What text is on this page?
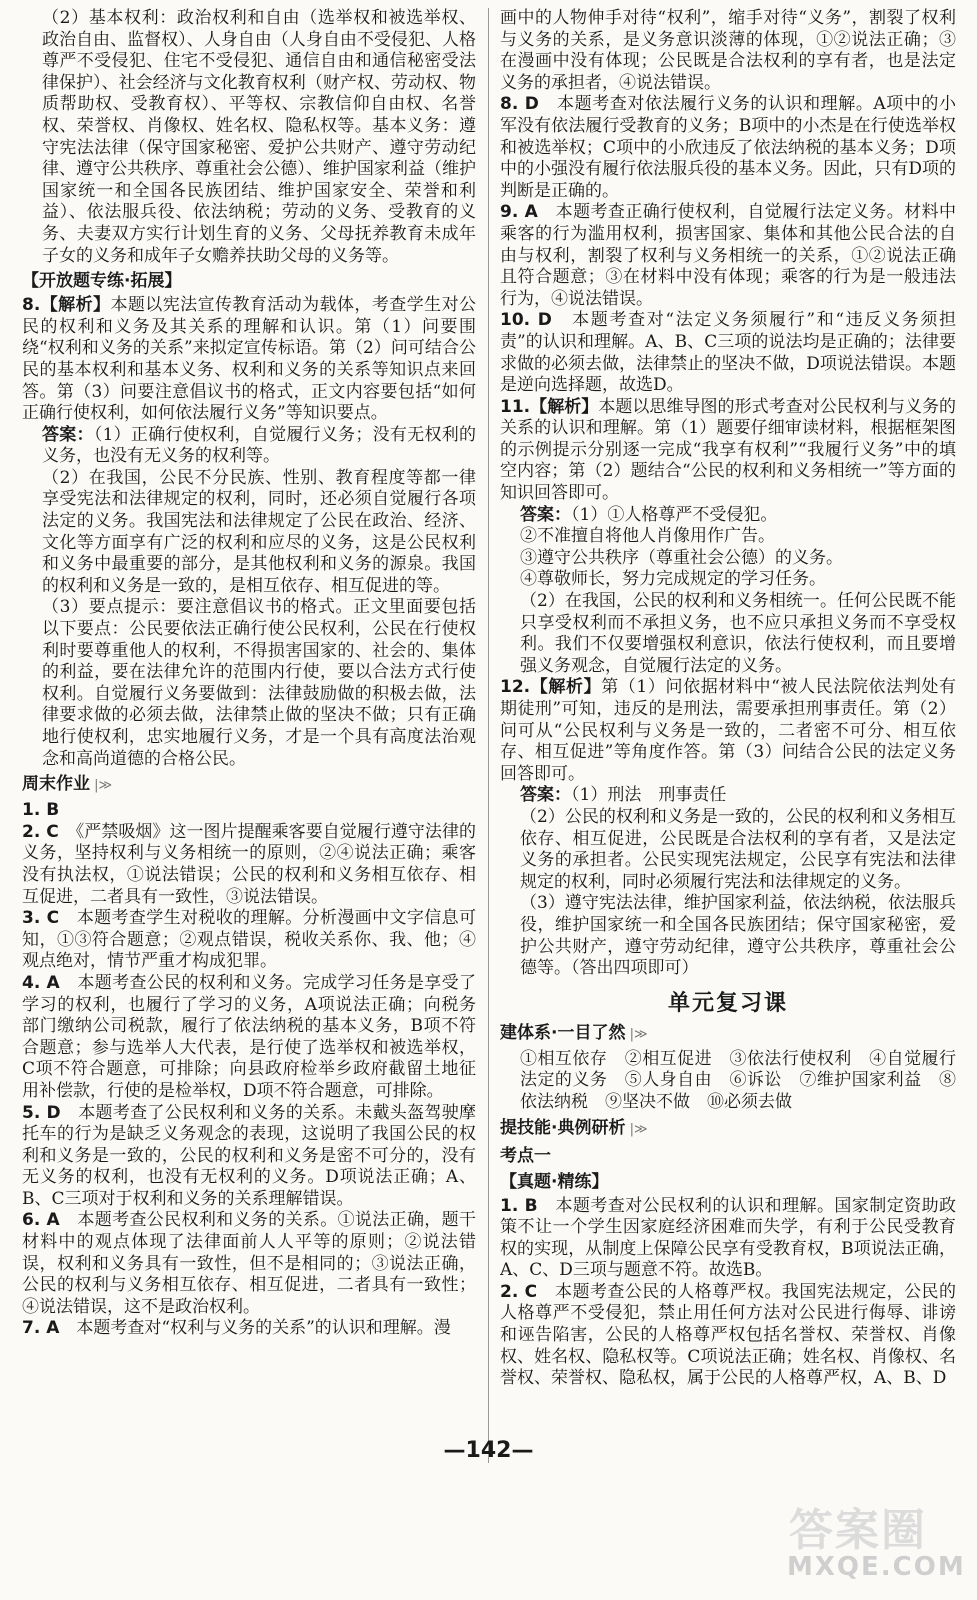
（2）基本权利：政治权利和自由（选举权和被选举权、政治自由、监督权）、人身自由（人身自由不受侵犯、人格尊严不受侵犯、住宅不受侵犯、通信自由和通信秘密受法律保护）、社会经济与文化教育权利（财产权、劳动权、物质帮助权、受教育权）、平等权、宗教信仰自由权、名誉权、荣誉权、肖像权、姓名权、隐私权等。基本义务：遵守宪法法律（保守国家秘密、爱护公共财产、遵守劳动纪律、遵守公共秩序、尊重社会公德）、维护国家利益（维护国家统一和全国各民族团结、维护国家安全、荣誉和利益）、依法服兵役、依法纳税；劳动的义务、受教育的义务、夫妻双方实行计划生育的义务、父母抚养教育未成年子女的义务和成年子女赡养扶助父母的义务等。

【开放题专练·拓展】

8.【解析】本题以宪法宣传教育活动为载体，考查学生对公民的权利和义务及其关系的理解和认识。第（1）问要围绕“权利和义务的关系”来拟定宣传标语。第（2）问可结合公民的基本权利和基本义务、权利和义务的关系等知识点来回答。第（3）问要注意倡议书的格式，正文内容要包括“如何正确行使权利，如何依法履行义务”等知识要点。

答案：（1）正确行使权利，自觉履行义务；没有无权利的义务，也没有无义务的权利等。

（2）在我国，公民不分民族、性别、教育程度等都一律享受宪法和法律规定的权利，同时，还必须自觉履行各项法定的义务。我国宪法和法律规定了公民在政治、经济、文化等方面享有广泛的权利和应尽的义务，这是公民权利和义务中最重要的部分，是其他权利和义务的源泉。我国的权利和义务是一致的，是相互依存、相互促进的等。

（3）要点提示：要注意倡议书的格式。正文里面要包括以下要点：公民要依法正确行使公民权利，公民在行使权利时要尊重他人的权利，不得损害国家的、社会的、集体的利益，要在法律允许的范围内行使，要以合法方式行使权利。自觉履行义务要做到：法律鼓励做的积极去做，法律要求做的必须去做，法律禁止做的坚决不做；只有正确地行使权利，忠实地履行义务，才是一个具有高度法治观念和高尚道德的合格公民。

周末作业 |≫

1. B　

2. C　《严禁吸烟》这一图片提醒乘客要自觉履行遵守法律的义务，坚持权利与义务相统一的原则，②④说法正确；乘客没有执法权，①说法错误；公民的权利和义务相互依存、相互促进，二者具有一致性，③说法错误。

3. C　本题考查学生对税收的理解。分析漫画中文字信息可知，①③符合题意；②观点错误，税收关系你、我、他；④观点绝对，情节严重才构成犯罪。

4. A　本题考查公民的权利和义务。完成学习任务是享受了学习的权利，也履行了学习的义务，A项说法正确；向税务部门缴纳公司税款，履行了依法纳税的基本义务，B项不符合题意；参与选举人大代表，是行使了选举权和被选举权，C项不符合题意，可排除；向县政府检举乡政府截留土地征用补偿款，行使的是检举权，D项不符合题意，可排除。

5. D　本题考查了公民权利和义务的关系。未戴头盔驾驶摩托车的行为是缺乏义务观念的表现，这说明了我国公民的权利和义务是一致的，公民的权利和义务是密不可分的，没有无义务的权利，也没有无权利的义务。D项说法正确；A、B、C三项对于权利和义务的关系理解错误。

6. A　本题考查公民权利和义务的关系。①说法正确，题干材料中的观点体现了法律面前人人平等的原则；②说法错误，权利和义务具有一致性，但不是相同的；③说法正确，公民的权利与义务相互依存、相互促进，二者具有一致性；④说法错误，这不是政治权利。

7. A　本题考查对“权利与义务的关系”的认识和理解。漫

画中的人物伸手对待“权利”，缩手对待“义务”，割裂了权利与义务的关系，是义务意识淡薄的体现，①②说法正确；③在漫画中没有体现；公民既是合法权利的享有者，也是法定义务的承担者，④说法错误。

8. D　本题考查对依法履行义务的认识和理解。A项中的小军没有依法履行受教育的义务；B项中的小杰是在行使选举权和被选举权；C项中的小欣违反了依法纳税的基本义务；D项中的小强没有履行依法服兵役的基本义务。因此，只有D项的判断是正确的。

9. A　本题考查正确行使权利，自觉履行法定义务。材料中乘客的行为滥用权利，损害国家、集体和其他公民合法的自由与权利，割裂了权利与义务相统一的关系，①②说法正确且符合题意；③在材料中没有体现；乘客的行为是一般违法行为，④说法错误。

10. D　本题考查对“法定义务须履行”和“违反义务须担责”的认识和理解。A、B、C三项的说法均是正确的；法律要求做的必须去做，法律禁止的坚决不做，D项说法错误。本题是逆向选择题，故选D。

11.【解析】本题以思维导图的形式考查对公民权利与义务的关系的认识和理解。第（1）题要仔细审读材料，根据框架图的示例提示分别逐一完成“我享有权利”“我履行义务”中的填空内容；第（2）题结合“公民的权利和义务相统一”等方面的知识回答即可。

答案：（1）①人格尊严不受侵犯。

②不准擅自将他人肖像用作广告。

③遵守公共秩序（尊重社会公德）的义务。

④尊敬师长，努力完成规定的学习任务。

（2）在我国，公民的权利和义务相统一。任何公民既不能只享受权利而不承担义务，也不应只承担义务而不享受权利。我们不仅要增强权利意识，依法行使权利，而且要增强义务观念，自觉履行法定的义务。

12.【解析】第（1）问依据材料中“被人民法院依法判处有期徒刑”可知，违反的是刑法，需要承担刑事责任。第（2）问可从“公民权利与义务是一致的，二者密不可分、相互依存、相互促进”等角度作答。第（3）问结合公民的法定义务回答即可。

答案：（1）刑法　刑事责任

（2）公民的权利和义务是一致的，公民的权利和义务相互依存、相互促进，公民既是合法权利的享有者，又是法定义务的承担者。公民实现宪法规定，公民享有宪法和法律规定的权利，同时必须履行宪法和法律规定的义务。

（3）遵守宪法法律，维护国家利益，依法纳税，依法服兵役，维护国家统一和全国各民族团结；保守国家秘密，爱护公共财产，遵守劳动纪律，遵守公共秩序，尊重社会公德等。（答出四项即可）

单元复习课
建体系·一目了然 |≫

①相互依存　②相互促进　③依法行使权利　④自觉履行法定的义务　⑤人身自由　⑥诉讼　⑦维护国家利益　⑧依法纳税　⑨坚决不做　⑩必须去做

提技能·典例研析 |≫
考点一
【真题·精练】

1. B　本题考查对公民权利的认识和理解。国家制定资助政策不让一个学生因家庭经济困难而失学，有利于公民受教育权的实现，从制度上保障公民享有受教育权，B项说法正确，A、C、D三项与题意不符。故选B。

2. C　本题考查公民的人格尊严权。我国宪法规定，公民的人格尊严不受侵犯，禁止用任何方法对公民进行侮辱、诽谤和诬告陷害，公民的人格尊严权包括名誉权、荣誉权、肖像权、姓名权、隐私权等。C项说法正确；姓名权、肖像权、名誉权、荣誉权、隐私权，属于公民的人格尊严权，A、B、D

—142—
答案圈
MXQE.COM
